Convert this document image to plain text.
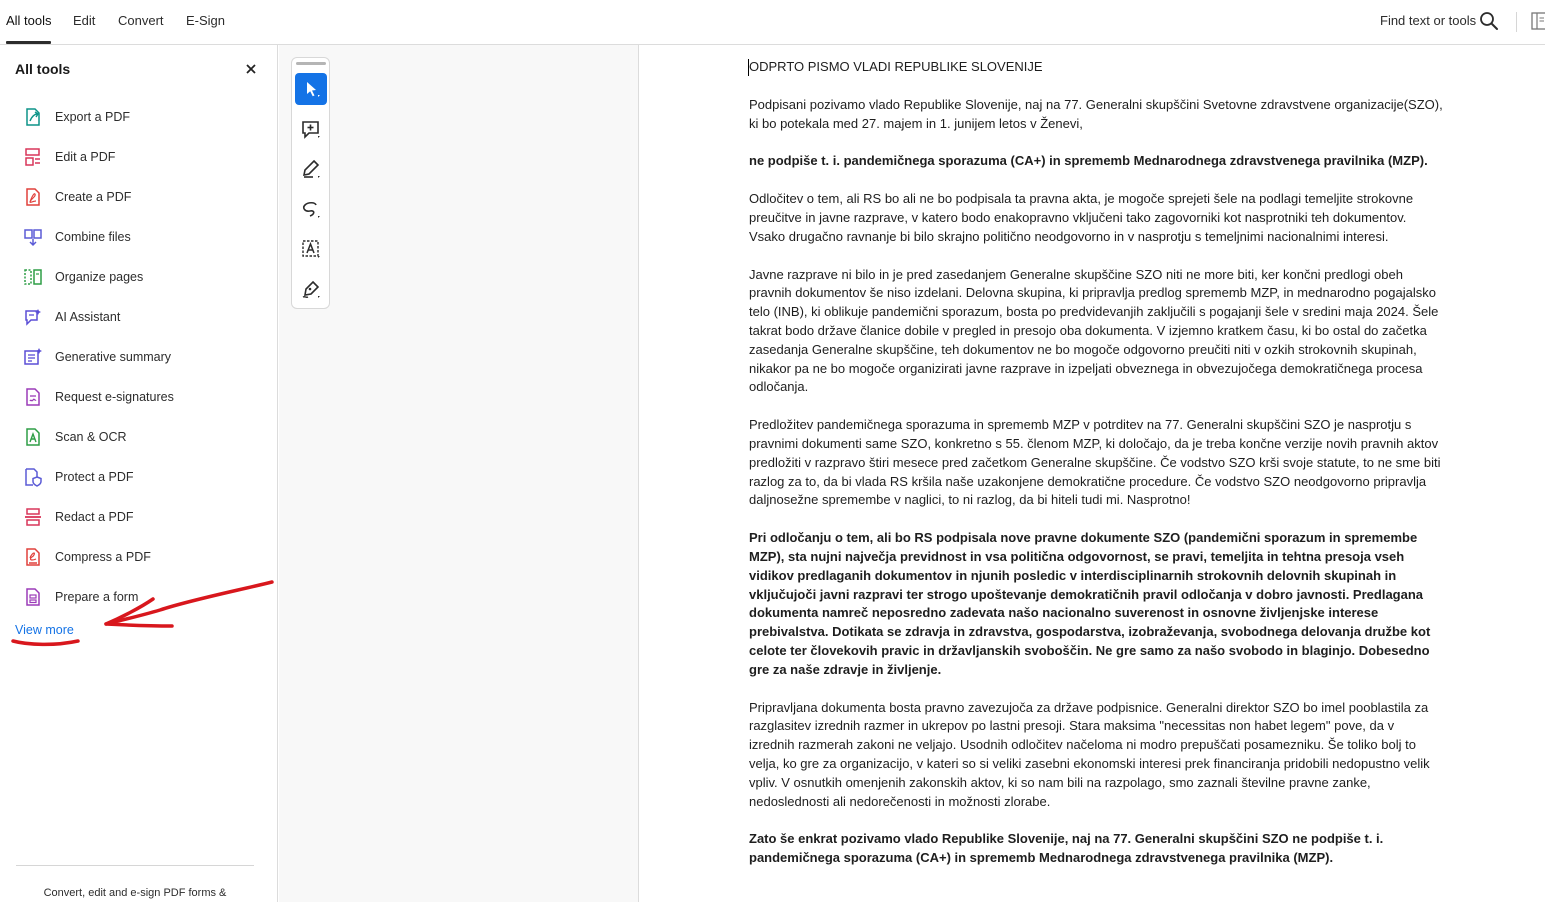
All tools Edit Convert E-Sign	Find text or tools
All tools
Export a PDF
Edit a PDF
Create a PDF
Combine files
Organize pages
AI Assistant
Generative summary
Request e-signatures
Scan & OCR
Protect a PDF
Redact a PDF
Compress a PDF
Prepare a form
View more
Convert, edit and e-sign PDF forms &

ODPRTO PISMO VLADI REPUBLIKE SLOVENIJE

Podpisani pozivamo vlado Republike Slovenije, naj na 77. Generalni skupščini Svetovne zdravstvene organizacije(SZO), ki bo potekala med 27. majem in 1. junijem letos v Ženevi,

ne podpiše t. i. pandemičnega sporazuma (CA+) in sprememb Mednarodnega zdravstvenega pravilnika (MZP).

Odločitev o tem, ali RS bo ali ne bo podpisala ta pravna akta, je mogoče sprejeti šele na podlagi temeljite strokovne preučitve in javne razprave, v katero bodo enakopravno vključeni tako zagovorniki kot nasprotniki teh dokumentov. Vsako drugačno ravnanje bi bilo skrajno politično neodgovorno in v nasprotju s temeljnimi nacionalnimi interesi.

Javne razprave ni bilo in je pred zasedanjem Generalne skupščine SZO niti ne more biti, ker končni predlogi obeh pravnih dokumentov še niso izdelani. Delovna skupina, ki pripravlja predlog sprememb MZP, in mednarodno pogajalsko telo (INB), ki oblikuje pandemični sporazum, bosta po predvidevanjih zaključili s pogajanji šele v sredini maja 2024. Šele takrat bodo države članice dobile v pregled in presojo oba dokumenta. V izjemno kratkem času, ki bo ostal do začetka zasedanja Generalne skupščine, teh dokumentov ne bo mogoče odgovorno preučiti niti v ozkih strokovnih skupinah, nikakor pa ne bo mogoče organizirati javne razprave in izpeljati obveznega in obvezujočega demokratičnega procesa odločanja.

Predložitev pandemičnega sporazuma in sprememb MZP v potrditev na 77. Generalni skupščini SZO je nasprotju s pravnimi dokumenti same SZO, konkretno s 55. členom MZP, ki določajo, da je treba končne verzije novih pravnih aktov predložiti v razpravo štiri mesece pred začetkom Generalne skupščine. Če vodstvo SZO krši svoje statute, to ne sme biti razlog za to, da bi vlada RS kršila naše uzakonjene demokratične procedure. Če vodstvo SZO neodgovorno pripravlja daljnosežne spremembe v naglici, to ni razlog, da bi hiteli tudi mi. Nasprotno!

Pri odločanju o tem, ali bo RS podpisala nove pravne dokumente SZO (pandemični sporazum in spremembe MZP), sta nujni največja previdnost in vsa politična odgovornost, se pravi, temeljita in tehtna presoja vseh vidikov predlaganih dokumentov in njunih posledic v interdisciplinarnih strokovnih delovnih skupinah in vključujoči javni razpravi ter strogo upoštevanje demokratičnih pravil odločanja v dobro javnosti. Predlagana dokumenta namreč neposredno zadevata našo nacionalno suverenost in osnovne življenjske interese prebivalstva. Dotikata se zdravja in zdravstva, gospodarstva, izobraževanja, svobodnega delovanja družbe kot celote ter človekovih pravic in državljanskih svoboščin. Ne gre samo za našo svobodo in blaginjo. Dobesedno gre za naše zdravje in življenje.

Pripravljana dokumenta bosta pravno zavezujoča za države podpisnice. Generalni direktor SZO bo imel pooblastila za razglasitev izrednih razmer in ukrepov po lastni presoji. Stara maksima "necessitas non habet legem" pove, da v izrednih razmerah zakoni ne veljajo. Usodnih odločitev načeloma ni modro prepuščati posamezniku. Še toliko bolj to velja, ko gre za organizacijo, v kateri so si veliki zasebni ekonomski interesi prek financiranja pridobili nedopustno velik vpliv. V osnutkih omenjenih zakonskih aktov, ki so nam bili na razpolago, smo zaznali številne pravne zanke, nedoslednosti ali nedorečenosti in možnosti zlorabe.

Zato še enkrat pozivamo vlado Republike Slovenije, naj na 77. Generalni skupščini SZO ne podpiše t. i. pandemičnega sporazuma (CA+) in sprememb Mednarodnega zdravstvenega pravilnika (MZP).
